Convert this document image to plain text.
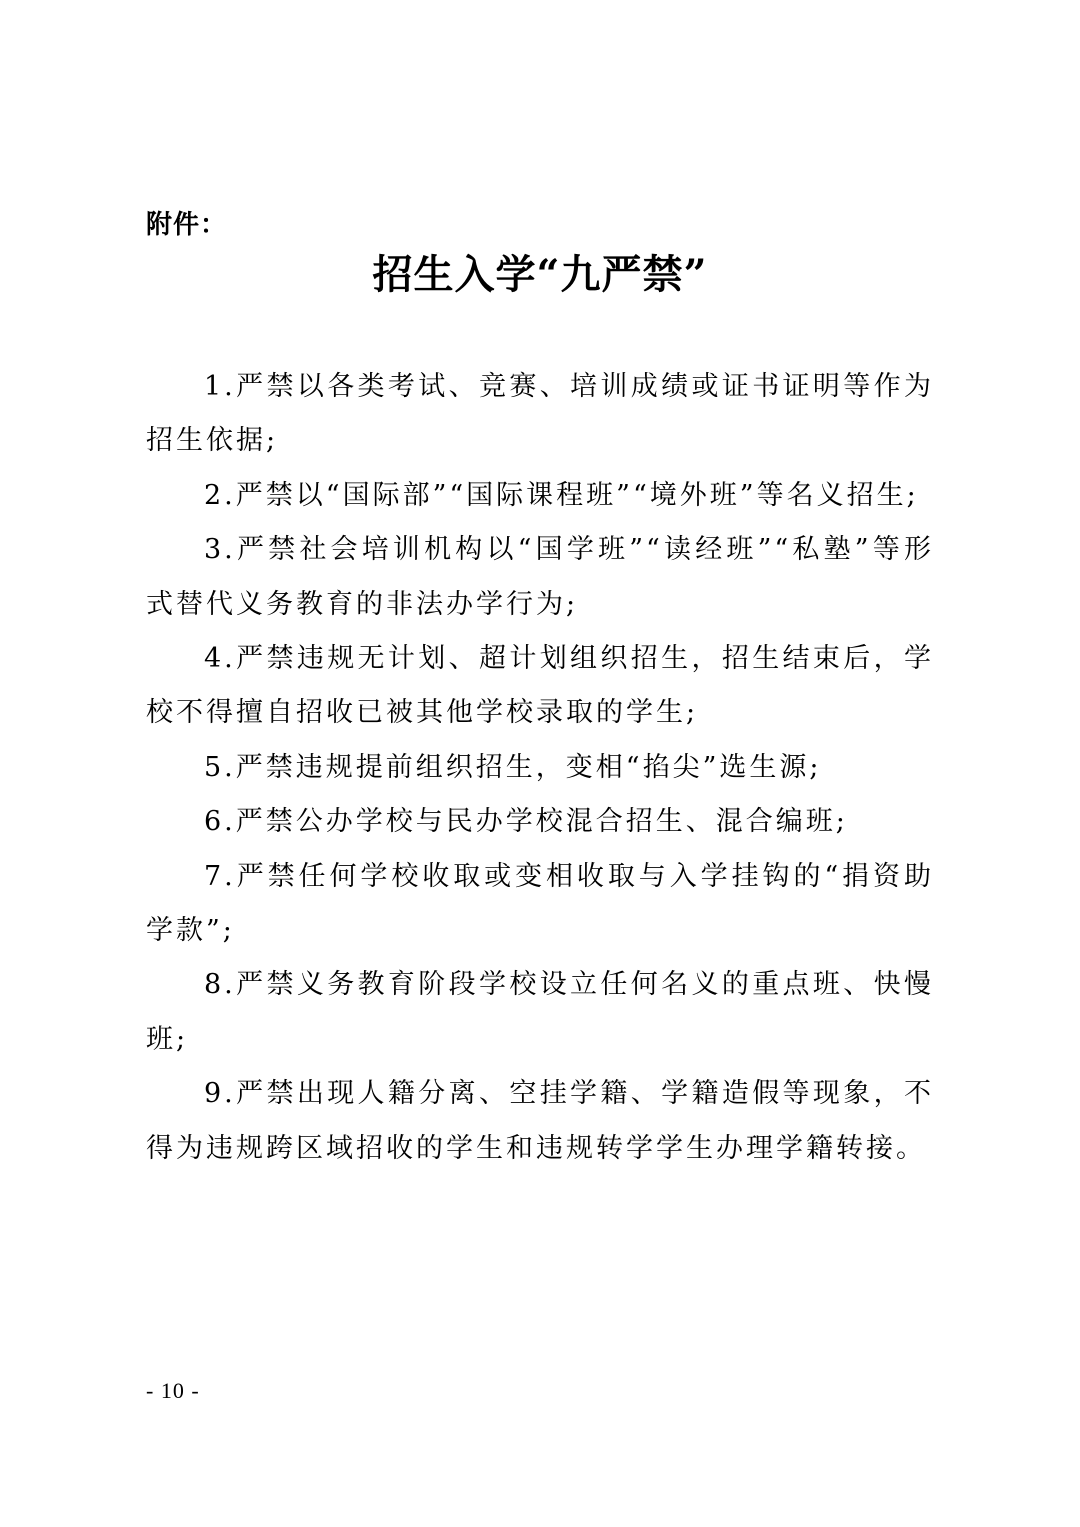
附件：
招生入学“九严禁”
1.严禁以各类考试、竞赛、培训成绩或证书证明等作为招生依据;
2.严禁以“国际部”“国际课程班”“境外班”等名义招生;
3.严禁社会培训机构以“国学班”“读经班”“私塾”等形式替代义务教育的非法办学行为;
4.严禁违规无计划、超计划组织招生，招生结束后，学校不得擅自招收已被其他学校录取的学生;
5.严禁违规提前组织招生，变相“掐尖”选生源;
6.严禁公办学校与民办学校混合招生、混合编班;
7.严禁任何学校收取或变相收取与入学挂钩的“捐资助学款”;
8.严禁义务教育阶段学校设立任何名义的重点班、快慢班;
9.严禁出现人籍分离、空挂学籍、学籍造假等现象，不得为违规跨区域招收的学生和违规转学学生办理学籍转接。
- 10 -
